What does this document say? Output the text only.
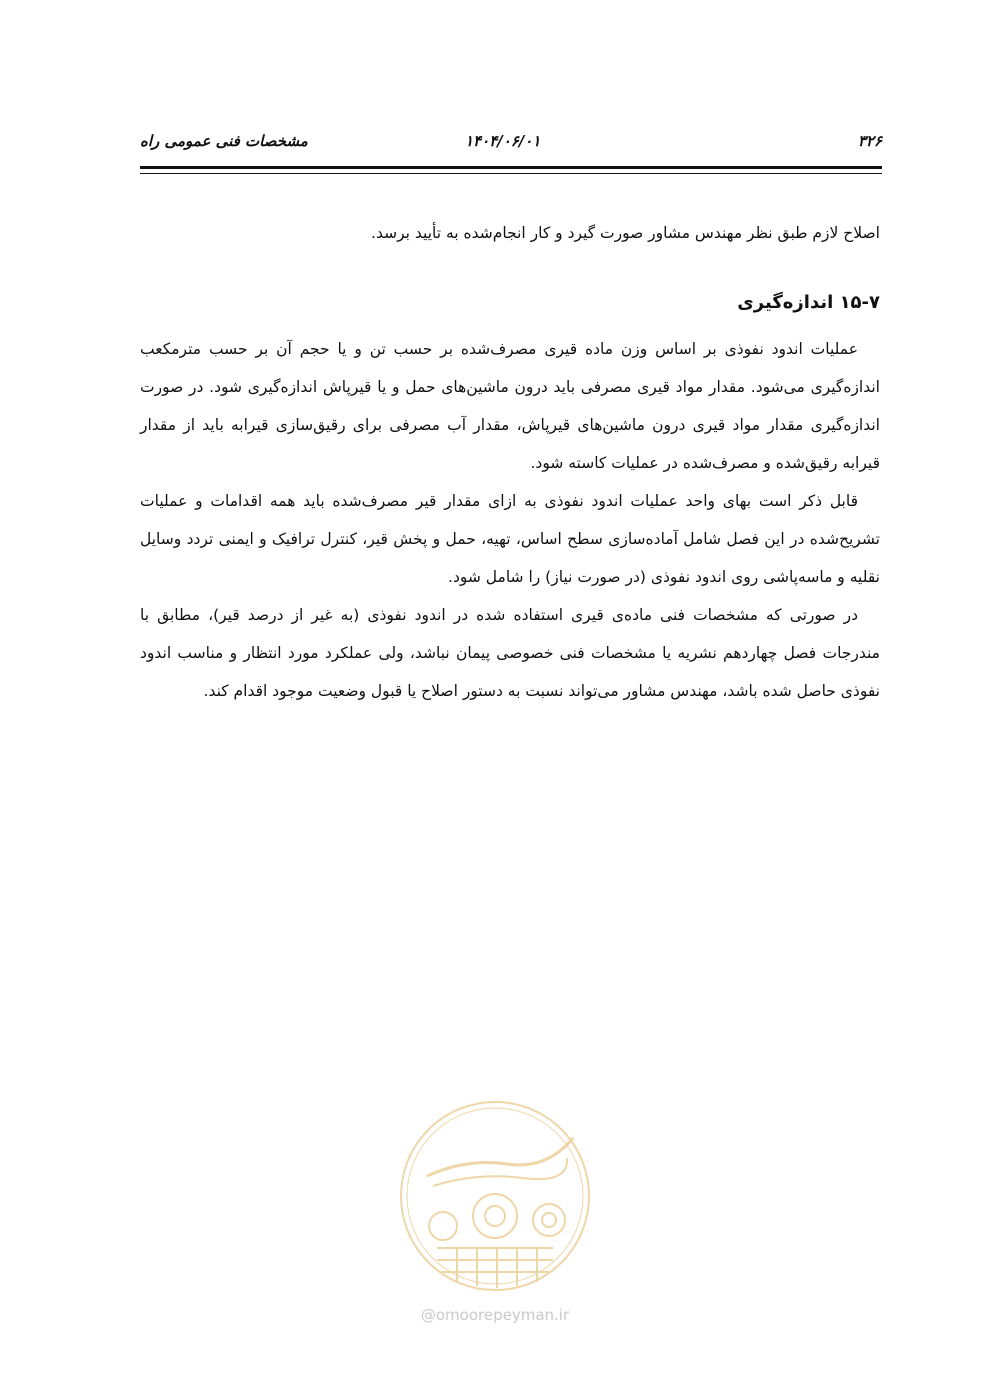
مشخصات فنی عمومی راه	۱۴۰۴/۰۶/۰۱	۳۲۶

اصلاح لازم طبق نظر مهندس مشاور صورت گیرد و کار انجام‌شده به تأیید برسد.

۱۵-۷ اندازه‌گیری

عملیات اندود نفوذی بر اساس وزن ماده قیری مصرف‌شده بر حسب تن و یا حجم آن بر حسب مترمکعب اندازه‌گیری می‌شود. مقدار مواد قیری مصرفی باید درون ماشین‌های حمل و یا قیرپاش اندازه‌گیری شود. در صورت اندازه‌گیری مقدار مواد قیری درون ماشین‌های قیرپاش، مقدار آب مصرفی برای رقیق‌سازی قیرابه باید از مقدار قیرابه رقیق‌شده و مصرف‌شده در عملیات کاسته شود.

قابل ذکر است بهای واحد عملیات اندود نفوذی به ازای مقدار قیر مصرف‌شده باید همه اقدامات و عملیات تشریح‌شده در این فصل شامل آماده‌سازی سطح اساس، تهیه، حمل و پخش قیر، کنترل ترافیک و ایمنی تردد وسایل نقلیه و ماسه‌پاشی روی اندود نفوذی (در صورت نیاز) را شامل شود.

در صورتی که مشخصات فنی ماده‌ی قیری استفاده شده در اندود نفوذی (به غیر از درصد قیر)، مطابق با مندرجات فصل چهاردهم نشریه یا مشخصات فنی خصوصی پیمان نباشد، ولی عملکرد مورد انتظار و مناسب اندود نفوذی حاصل شده باشد، مهندس مشاور می‌تواند نسبت به دستور اصلاح یا قبول وضعیت موجود اقدام کند.

@omoorepeyman.ir
